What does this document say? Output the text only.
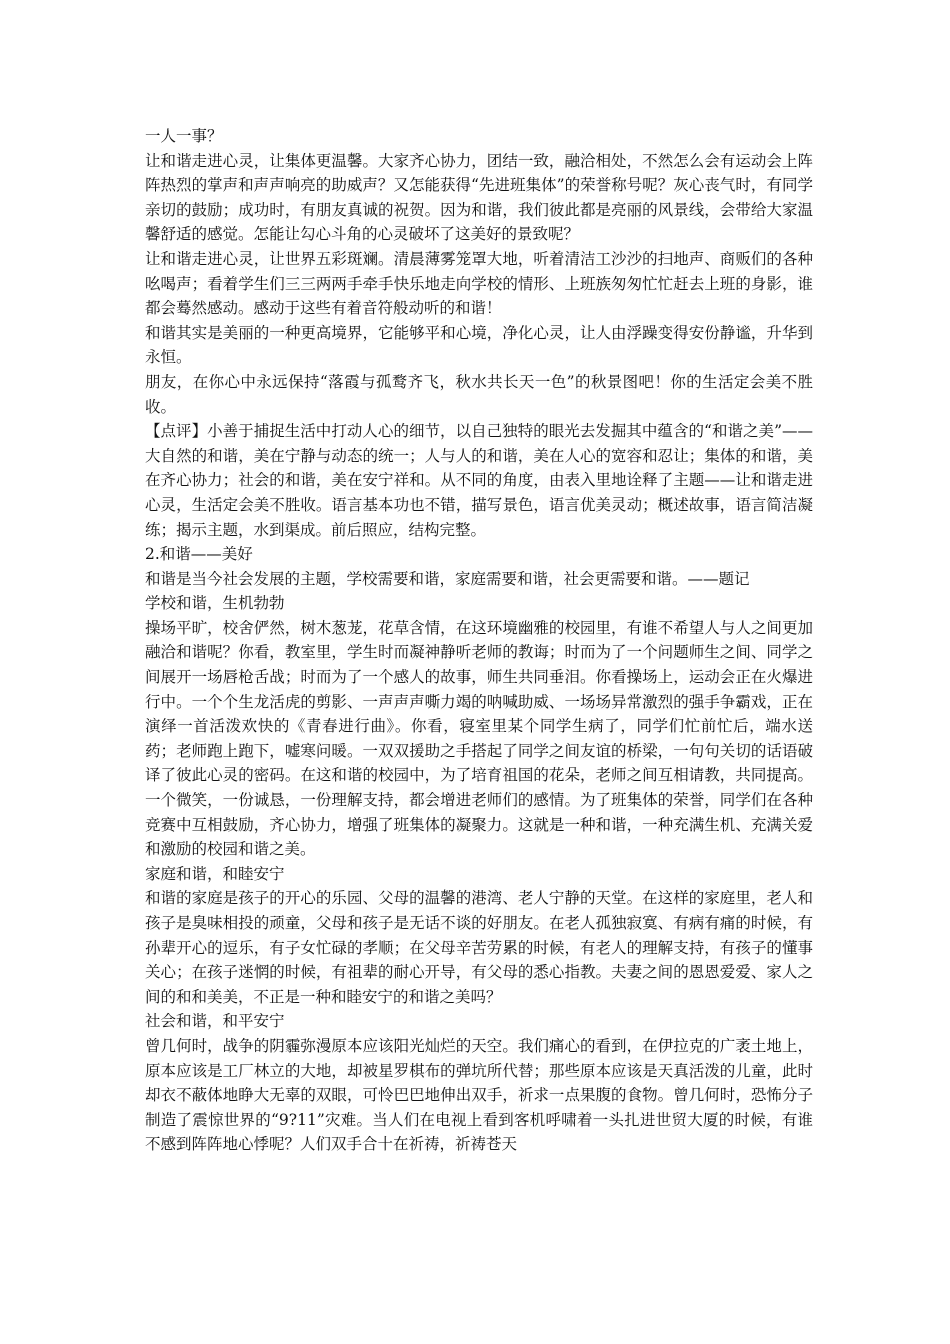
一人一事？

让和谐走进心灵，让集体更温馨。大家齐心协力，团结一致，融洽相处，不然怎么会有运动会上阵阵热烈的掌声和声声响亮的助威声？又怎能获得“先进班集体”的荣誉称号呢？灰心丧气时，有同学亲切的鼓励；成功时，有朋友真诚的祝贺。因为和谐，我们彼此都是亮丽的风景线，会带给大家温馨舒适的感觉。怎能让勾心斗角的心灵破坏了这美好的景致呢？

让和谐走进心灵，让世界五彩斑斓。清晨薄雾笼罩大地，听着清洁工沙沙的扫地声、商贩们的各种吆喝声；看着学生们三三两两手牵手快乐地走向学校的情形、上班族匆匆忙忙赶去上班的身影，谁都会蓦然感动。感动于这些有着音符般动听的和谐！

和谐其实是美丽的一种更高境界，它能够平和心境，净化心灵，让人由浮躁变得安份静谧，升华到永恒。

朋友，在你心中永远保持“落霞与孤鹜齐飞，秋水共长天一色”的秋景图吧！你的生活定会美不胜收。

【点评】小善于捕捉生活中打动人心的细节，以自己独特的眼光去发掘其中蕴含的“和谐之美”——大自然的和谐，美在宁静与动态的统一；人与人的和谐，美在人心的宽容和忍让；集体的和谐，美在齐心协力；社会的和谐，美在安宁祥和。从不同的角度，由表入里地诠释了主题——让和谐走进心灵，生活定会美不胜收。语言基本功也不错，描写景色，语言优美灵动；概述故事，语言简洁凝练；揭示主题，水到渠成。前后照应，结构完整。

2.和谐——美好

和谐是当今社会发展的主题，学校需要和谐，家庭需要和谐，社会更需要和谐。——题记

学校和谐，生机勃勃

操场平旷，校舍俨然，树木葱茏，花草含情，在这环境幽雅的校园里，有谁不希望人与人之间更加融洽和谐呢？你看，教室里，学生时而凝神静听老师的教诲；时而为了一个问题师生之间、同学之间展开一场唇枪舌战；时而为了一个感人的故事，师生共同垂泪。你看操场上，运动会正在火爆进行中。一个个生龙活虎的剪影、一声声声嘶力竭的呐喊助威、一场场异常激烈的强手争霸戏，正在演绎一首活泼欢快的《青春进行曲》。你看，寝室里某个同学生病了，同学们忙前忙后，端水送药；老师跑上跑下，嘘寒问暖。一双双援助之手搭起了同学之间友谊的桥梁，一句句关切的话语破译了彼此心灵的密码。在这和谐的校园中，为了培育祖国的花朵，老师之间互相请教，共同提高。一个微笑，一份诚恳，一份理解支持，都会增进老师们的感情。为了班集体的荣誉，同学们在各种竞赛中互相鼓励，齐心协力，增强了班集体的凝聚力。这就是一种和谐，一种充满生机、充满关爱和激励的校园和谐之美。

家庭和谐，和睦安宁

和谐的家庭是孩子的开心的乐园、父母的温馨的港湾、老人宁静的天堂。在这样的家庭里，老人和孩子是臭味相投的顽童，父母和孩子是无话不谈的好朋友。在老人孤独寂寞、有病有痛的时候，有孙辈开心的逗乐，有子女忙碌的孝顺；在父母辛苦劳累的时候，有老人的理解支持，有孩子的懂事关心；在孩子迷惘的时候，有祖辈的耐心开导，有父母的悉心指教。夫妻之间的恩恩爱爱、家人之间的和和美美，不正是一种和睦安宁的和谐之美吗？

社会和谐，和平安宁

曾几何时，战争的阴霾弥漫原本应该阳光灿烂的天空。我们痛心的看到，在伊拉克的广袤土地上，原本应该是工厂林立的大地，却被星罗棋布的弹坑所代替；那些原本应该是天真活泼的儿童，此时却衣不蔽体地睁大无辜的双眼，可怜巴巴地伸出双手，祈求一点果腹的食物。曾几何时，恐怖分子制造了震惊世界的“9?11”灾难。当人们在电视上看到客机呼啸着一头扎进世贸大厦的时候，有谁不感到阵阵地心悸呢？人们双手合十在祈祷，祈祷苍天
